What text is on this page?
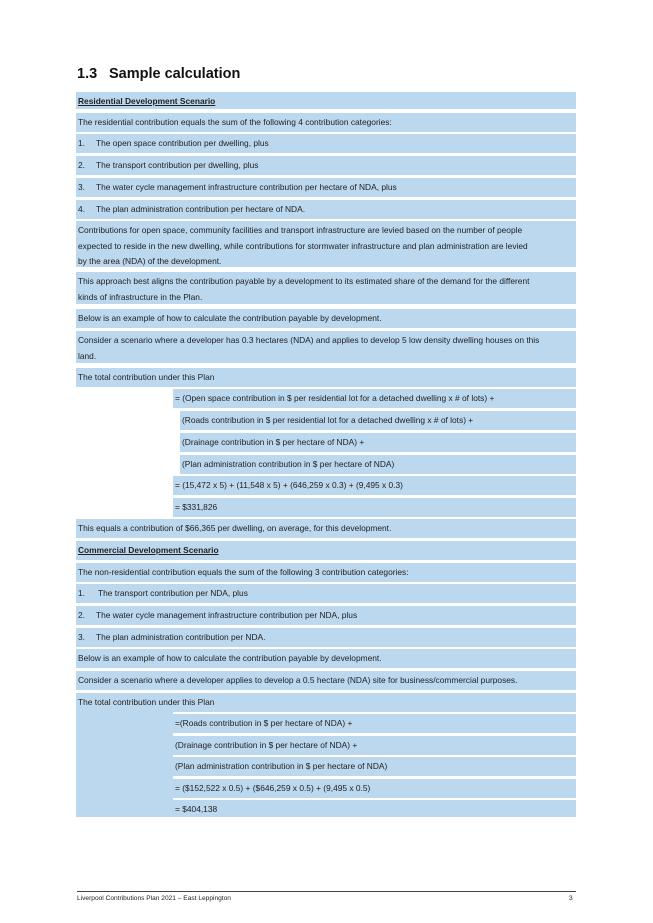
1.3 Sample calculation
Residential Development Scenario
The residential contribution equals the sum of the following 4 contribution categories:
1. The open space contribution per dwelling, plus
2. The transport contribution per dwelling, plus
3. The water cycle management infrastructure contribution per hectare of NDA, plus
4. The plan administration contribution per hectare of NDA.
Contributions for open space, community facilities and transport infrastructure are levied based on the number of people
expected to reside in the new dwelling, while contributions for stormwater infrastructure and plan administration are levied
by the area (NDA) of the development.
This approach best aligns the contribution payable by a development to its estimated share of the demand for the different
kinds of infrastructure in the Plan.
Below is an example of how to calculate the contribution payable by development.
Consider a scenario where a developer has 0.3 hectares (NDA) and applies to develop 5 low density dwelling houses on this
land.
The total contribution under this Plan
= (Open space contribution in $ per residential lot for a detached dwelling x # of lots) +
(Roads contribution in $ per residential lot for a detached dwelling x # of lots) +
(Drainage contribution in $ per hectare of NDA) +
(Plan administration contribution in $ per hectare of NDA)
= (15,472 x 5) + (11,548 x 5) + (646,259 x 0.3) + (9,495 x 0.3)
= $331,826
This equals a contribution of $66,365 per dwelling, on average, for this development.
Commercial Development Scenario
The non-residential contribution equals the sum of the following 3 contribution categories:
1. The transport contribution per NDA, plus
2. The water cycle management infrastructure contribution per NDA, plus
3. The plan administration contribution per NDA.
Below is an example of how to calculate the contribution payable by development.
Consider a scenario where a developer applies to develop a 0.5 hectare (NDA) site for business/commercial purposes.
The total contribution under this Plan
=(Roads contribution in $ per hectare of NDA) +
(Drainage contribution in $ per hectare of NDA) +
(Plan administration contribution in $ per hectare of NDA)
= ($152,522 x 0.5) + ($646,259 x 0.5) + (9,495 x 0.5)
= $404,138
Liverpool Contributions Plan 2021 – East Leppington	3
